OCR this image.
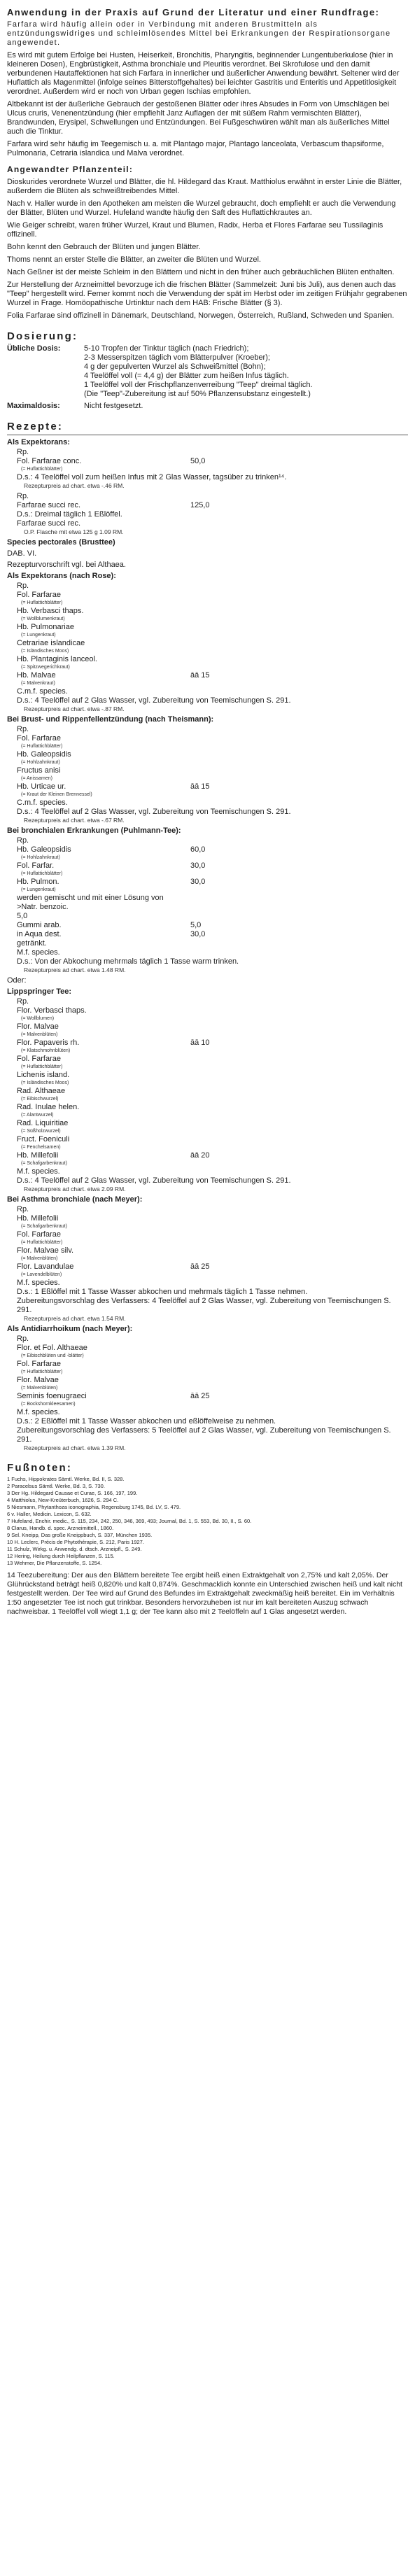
Anwendung in der Praxis auf Grund der Literatur und einer Rundfrage:

Farfara wird häufig allein oder in Verbindung mit anderen Brustmitteln als entzündungswidriges und schleimlösendes Mittel bei Erkrankungen der Respirationsorgane angewendet.

Es wird mit gutem Erfolge bei Husten, Heiserkeit, Bronchitis, Pharyngitis, beginnender Lungentuberkulose (hier in kleineren Dosen), Engbrüstigkeit, Asthma bronchiale und Pleuritis verordnet. Bei Skrofulose und den damit verbundenen Hautaffektionen hat sich Farfara in innerlicher und äußerlicher Anwendung bewährt. Seltener wird der Huflattich als Magenmittel (infolge seines Bitterstoffgehaltes) bei leichter Gastritis und Enteritis und Appetitlosigkeit verordnet. Außerdem wird er noch von Urban gegen Ischias empfohlen.

Altbekannt ist der äußerliche Gebrauch der gestoßenen Blätter oder ihres Absudes in Form von Umschlägen bei Ulcus cruris, Venenentzündung (hier empfiehlt Janz Auflagen der mit süßem Rahm vermischten Blätter), Brandwunden, Erysipel, Schwellungen und Entzündungen. Bei Fußgeschwüren wählt man als äußerliches Mittel auch die Tinktur.

Farfara wird sehr häufig im Teegemisch u. a. mit Plantago major, Plantago lanceolata, Verbascum thapsiforme, Pulmonaria, Cetraria islandica und Malva verordnet.

Angewandter Pflanzenteil:

Dioskurides verordnete Wurzel und Blätter, die hl. Hildegard das Kraut. Matthiolus erwähnt in erster Linie die Blätter, außerdem die Blüten als schweißtreibendes Mittel.

Nach v. Haller wurde in den Apotheken am meisten die Wurzel gebraucht, doch empfiehlt er auch die Verwendung der Blätter, Blüten und Wurzel. Hufeland wandte häufig den Saft des Huflattichkrautes an.

Wie Geiger schreibt, waren früher Wurzel, Kraut und Blumen, Radix, Herba et Flores Farfarae seu Tussilaginis offizinell.

Bohn kennt den Gebrauch der Blüten und jungen Blätter.

Thoms nennt an erster Stelle die Blätter, an zweiter die Blüten und Wurzel.

Nach Geßner ist der meiste Schleim in den Blättern und nicht in den früher auch gebräuchlichen Blüten enthalten.

Zur Herstellung der Arzneimittel bevorzuge ich die frischen Blätter (Sammelzeit: Juni bis Juli), aus denen auch das "Teep" hergestellt wird. Ferner kommt noch die Verwendung der spät im Herbst oder im zeitigen Frühjahr gegrabenen Wurzel in Frage. Homöopathische Urtinktur nach dem HAB: Frische Blätter (§ 3).

Folia Farfarae sind offizinell in Dänemark, Deutschland, Norwegen, Österreich, Rußland, Schweden und Spanien.

Dosierung:
Übliche Dosis:	5-10 Tropfen der Tinktur täglich (nach Friedrich);
2-3 Messerspitzen täglich vom Blätterpulver (Kroeber);
4 g der gepulverten Wurzel als Schweißmittel (Bohn);
4 Teelöffel voll (= 4,4 g) der Blätter zum heißen Infus täglich.
1 Teelöffel voll der Frischpflanzenverreibung "Teep" dreimal täglich.
(Die "Teep"-Zubereitung ist auf 50% Pflanzensubstanz eingestellt.)
Maximaldosis:	Nicht festgesetzt.
Rezepte:
Als Expektorans:
Rp.
Fol. Farfarae conc.	50,0
(= Huflattichblätter)
D.s.: 4 Teelöffel voll zum heißen Infus mit 2 Glas Wasser, tagsüber zu trinken¹⁴.
Rezepturpreis ad chart. etwa -.46 RM.
Rp.
Farfarae succi rec.	125,0
D.s.: Dreimal täglich 1 Eßlöffel.
Farfarae succi rec.
O.P. Flasche mit etwa 125 g 1.09 RM.
Species pectorales (Brusttee)
DAB. VI.
Rezepturvorschrift vgl. bei Althaea.
Als Expektorans (nach Rose):
Rp.
Fol. Farfarae
(= Huflattichblätter)
Hb. Verbasci thaps.
(= Wollblumenkraut)
Hb. Pulmonariae
(= Lungenkraut)
Cetrariae islandicae
(= Isländisches Moos)
Hb. Plantaginis lanceol.
(= Spitzwegerichkraut)
Hb. Malvae	āā 15
(= Malvenkraut)
C.m.f. species.
D.s.: 4 Teelöffel auf 2 Glas Wasser, vgl. Zubereitung von Teemischungen S. 291.
Rezepturpreis ad chart. etwa -.87 RM.
Bei Brust- und Rippenfellentzündung (nach Theismann):
Rp.
Fol. Farfarae
(= Huflattichblätter)
Hb. Galeopsidis
(= Hohlzahnkraut)
Fructus anisi
(= Anissamen)
Hb. Urticae ur.	āā 15
(= Kraut der Kleinen Brennessel)
C.m.f. species.
D.s.: 4 Teelöffel auf 2 Glas Wasser, vgl. Zubereitung von Teemischungen S. 291.
Rezepturpreis ad chart. etwa -.67 RM.
Bei bronchialen Erkrankungen (Puhlmann-Tee):
Rp.
Hb. Galeopsidis	60,0
(= Hohlzahnkraut)
Fol. Farfar.	30,0
(= Huflattichblätter)
Hb. Pulmon.	30,0
(= Lungenkraut)
werden gemischt und mit einer Lösung von
>Natr. benzoic.
5,0
Gummi arab.	5,0
in Aqua dest.	30,0
getränkt.
M.f. species.
D.s.: Von der Abkochung mehrmals täglich 1 Tasse warm trinken.
Rezepturpreis ad chart. etwa 1.48 RM.
Oder:
Lippspringer Tee:
Rp.
Flor. Verbasci thaps.
(= Wollblumen)
Flor. Malvae
(= Malvenblüten)
Flor. Papaveris rh.	āā 10
(= Klatschmohnblüten)
Fol. Farfarae
(= Huflattichblätter)
Lichenis island.
(= Isländisches Moos)
Rad. Althaeae
(= Eibischwurzel)
Rad. Inulae helen.
(= Alantwurzel)
Rad. Liquiritiae
(= Süßholzwurzel)
Fruct. Foeniculi
(= Fenchelsamen)
Hb. Millefolii	āā 20
(= Schafgarbenkraut)
M.f. species.
D.s.: 4 Teelöffel auf 2 Glas Wasser, vgl. Zubereitung von Teemischungen S. 291.
Rezepturpreis ad chart. etwa 2.09 RM.
Bei Asthma bronchiale (nach Meyer):
Rp.
Hb. Millefolii
(= Schafgarbenkraut)
Fol. Farfarae
(= Huflattichblätter)
Flor. Malvae silv.
(= Malvenblüten)
Flor. Lavandulae	āā 25
(= Lavendelblüten)
M.f. species.
D.s.: 1 Eßlöffel mit 1 Tasse Wasser abkochen und mehrmals täglich 1 Tasse nehmen.
Zubereitungsvorschlag des Verfassers: 4 Teelöffel auf 2 Glas Wasser, vgl. Zubereitung von Teemischungen S. 291.
Rezepturpreis ad chart. etwa 1.54 RM.
Als Antidiarrhoikum (nach Meyer):
Rp.
Flor. et Fol. Althaeae
(= Eibischblüten und -blätter)
Fol. Farfarae
(= Huflattichblätter)
Flor. Malvae
(= Malvenblüten)
Seminis foenugraeci	āā 25
(= Bockshornkleesamen)
M.f. species.
D.s.: 2 Eßlöffel mit 1 Tasse Wasser abkochen und eßlöffelweise zu nehmen.
Zubereitungsvorschlag des Verfassers: 5 Teelöffel auf 2 Glas Wasser, vgl. Zubereitung von Teemischungen S. 291.
Rezepturpreis ad chart. etwa 1.39 RM.
Fußnoten:

1 Fuchs, Hippokrates Sämtl. Werke, Bd. II, S. 328.

2 Paracelsus Sämtl. Werke, Bd. 3, S. 730.

3 Der Hg. Hildegard Causae et Curae, S. 166, 197, 199.

4 Matthiolus, New-Kreüterbuch, 1626, S. 294 C.

5 Niesmann, Phytanthoza iconographia, Regensburg 1745, Bd. LV, S. 479.

6 v. Haller, Medicin. Lexicon, S. 632.

7 Hufeland, Enchir. medic., S. 115, 234, 242, 250, 346, 369, 493; Journal, Bd. 1, S. 553, Bd. 30, II., S. 60.

8 Clarus, Handb. d. spec. Arzneimittell., 1860.

9 Sel. Kneipp, Das große Kneippbuch, S. 337, München 1935.

10 H. Leclerc, Précis de Phytothérapie, S. 212, Paris 1927.

11 Schulz, Wirkg. u. Anwendg. d. dtsch. Arzneipfl., S. 249.

12 Hering, Heilung durch Heilpflanzen, S. 115.

13 Wehmer, Die Pflanzenstoffe, S. 1254.

14 Teezubereitung: Der aus den Blättern bereitete Tee ergibt heiß einen Extraktgehalt von 2,75% und kalt 2,05%. Der Glührückstand beträgt heiß 0,820% und kalt 0,874%. Geschmacklich konnte ein Unterschied zwischen heiß und kalt nicht festgestellt werden. Der Tee wird auf Grund des Befundes im Extraktgehalt zweckmäßig heiß bereitet. Ein im Verhältnis 1:50 angesetzter Tee ist noch gut trinkbar. Besonders hervorzuheben ist nur im kalt bereiteten Auszug schwach nachweisbar. 1 Teelöffel voll wiegt 1,1 g; der Tee kann also mit 2 Teelöffeln auf 1 Glas angesetzt werden.
